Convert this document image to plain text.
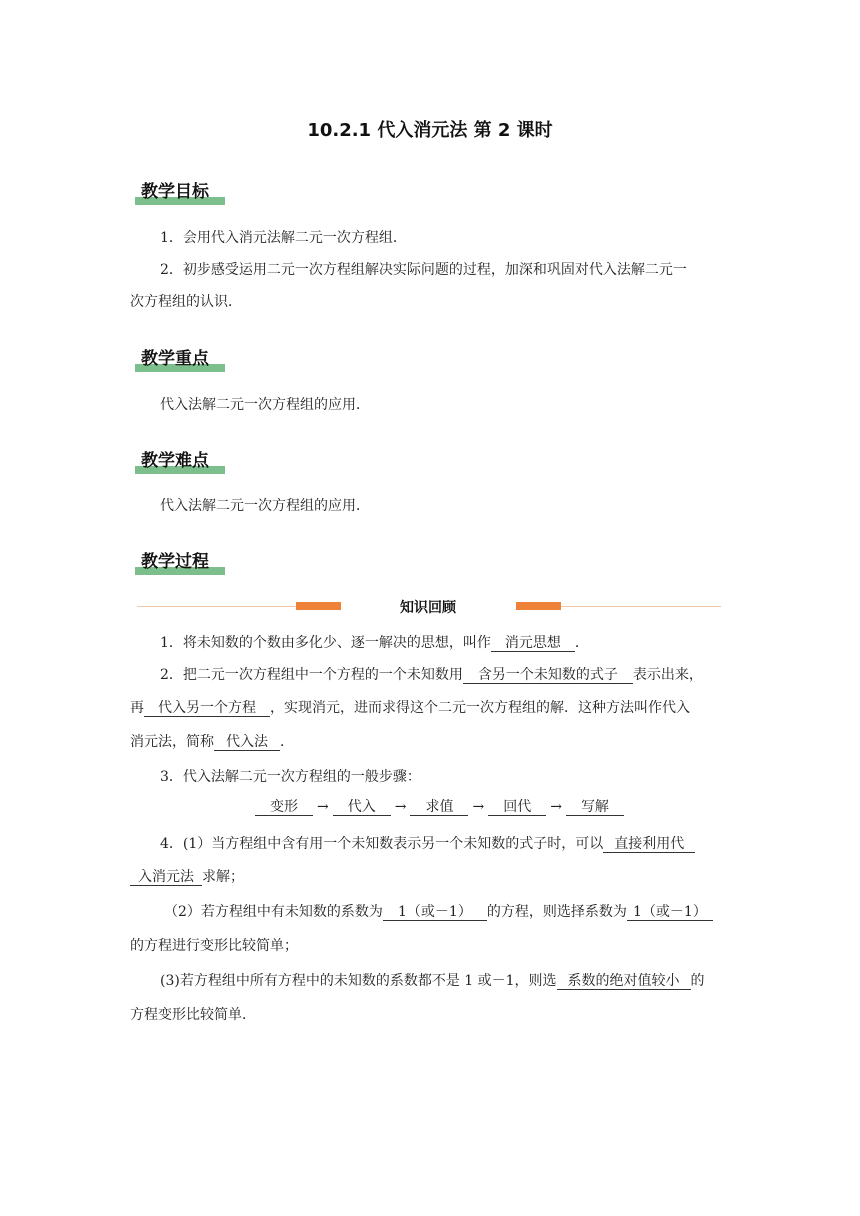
10.2.1 代入消元法 第 2 课时
教学目标
1．会用代入消元法解二元一次方程组．
2．初步感受运用二元一次方程组解决实际问题的过程，加深和巩固对代入法解二元一
次方程组的认识．
教学重点
代入法解二元一次方程组的应用．
教学难点
代入法解二元一次方程组的应用．
教学过程
知识回顾
1．将未知数的个数由多化少、逐一解决的思想，叫作 消元思想 ．
2．把二元一次方程组中一个方程的一个未知数用 含另一个未知数的式子 表示出来，
再 代入另一个方程 ，实现消元，进而求得这个二元一次方程组的解．这种方法叫作代入
消元法，简称 代入法 ．
3．代入法解二元一次方程组的一般步骤：
变形 → 代入 → 求值 → 回代 → 写解
4．(1）当方程组中含有用一个未知数表示另一个未知数的式子时，可以 直接利用代
入消元法 求解；
（2）若方程组中有未知数的系数为 1（或－1） 的方程，则选择系数为 1（或－1）
的方程进行变形比较简单；
(3)若方程组中所有方程中的未知数的系数都不是 1 或－1，则选 系数的绝对值较小 的
方程变形比较简单．
